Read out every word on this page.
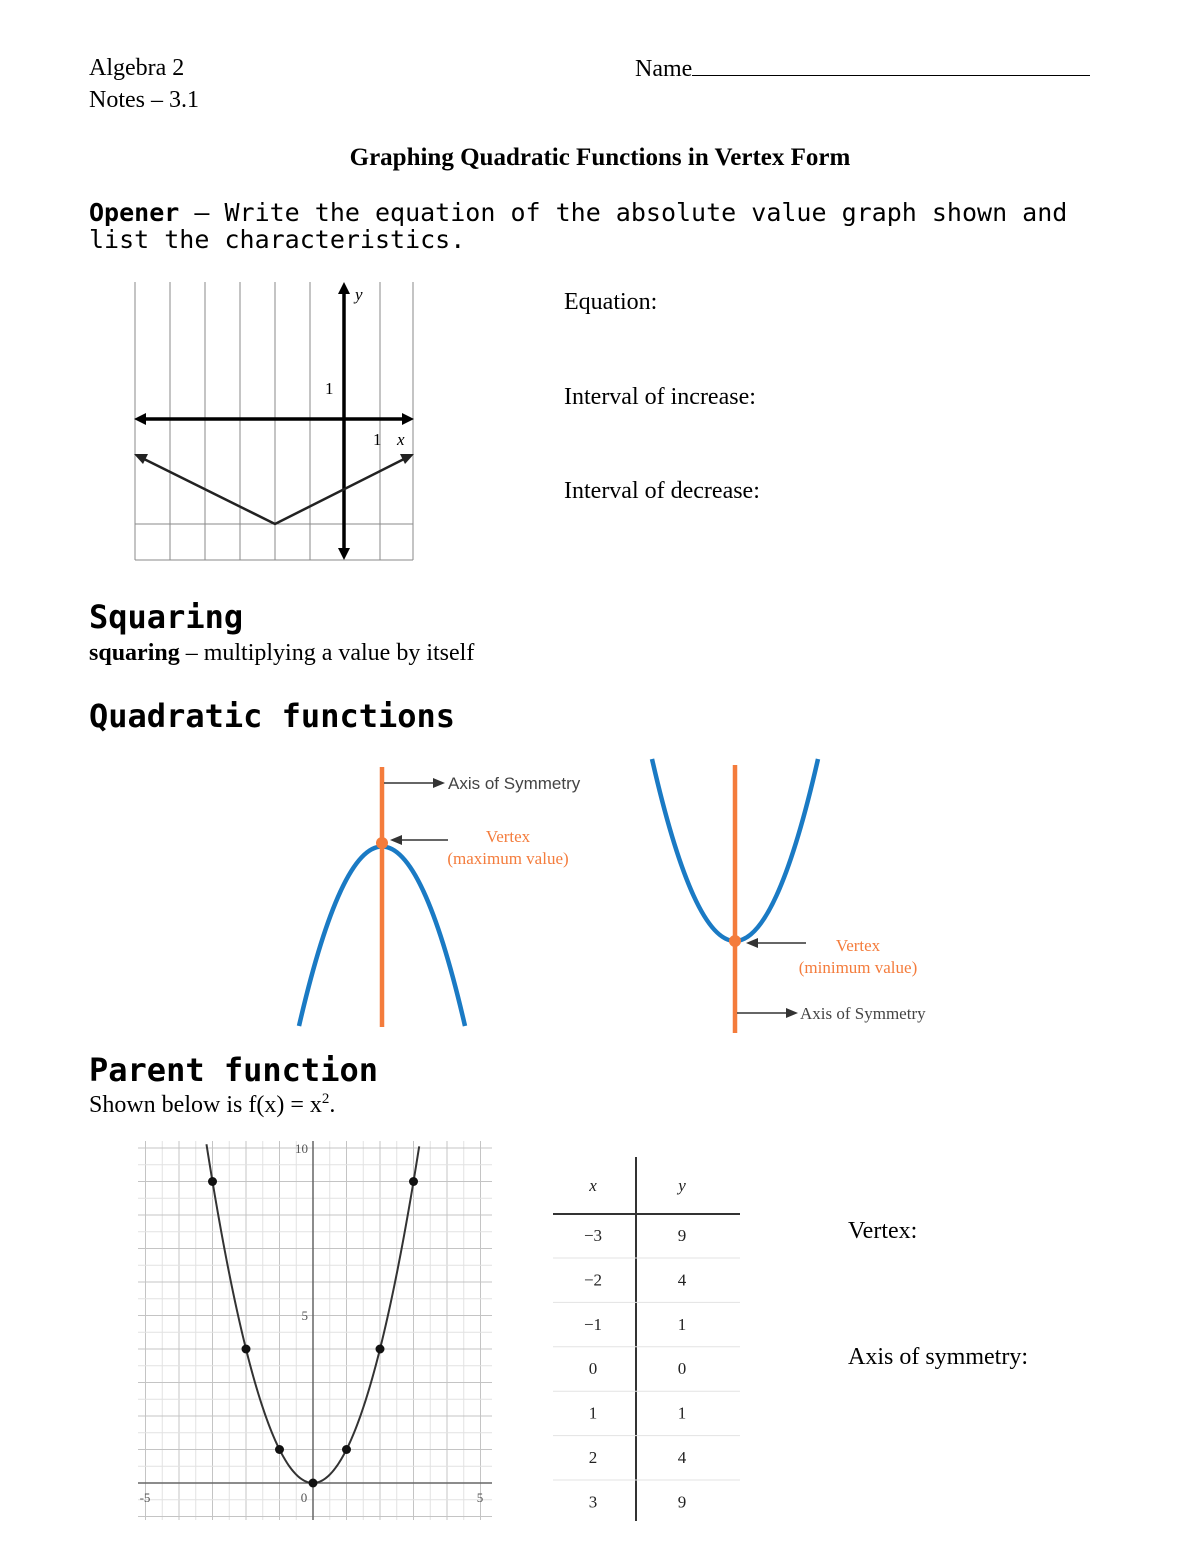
Algebra 2
Notes – 3.1
Name
Graphing Quadratic Functions in Vertex Form
Opener – Write the equation of the absolute value graph shown and list the characteristics.
y
x
1
1
Equation:
Interval of increase:
Interval of decrease:
Squaring
squaring – multiplying a value by itself
Quadratic functions
Axis of Symmetry
Vertex
(maximum value)
Vertex
(minimum value)
Axis of Symmetry
Parent function
Shown below is $f(x) = x^2$.
10
5
-5	0	5
x	y
−3	9
−2	4
−1	1
0	0
1	1
2	4
3	9
Vertex:
Axis of symmetry:
